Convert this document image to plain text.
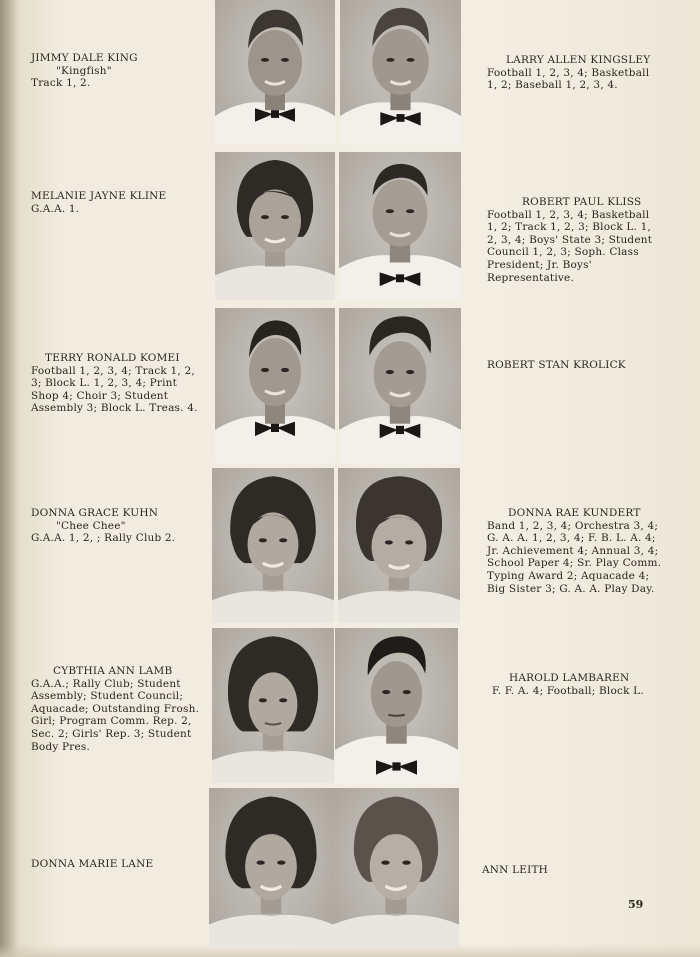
JIMMY DALE KING
"Kingfish"
Track 1, 2.
LARRY ALLEN KINGSLEY
Football 1, 2, 3, 4; Basketball 1, 2; Baseball 1, 2, 3, 4.
MELANIE JAYNE KLINE
G.A.A. 1.
ROBERT PAUL KLISS
Football 1, 2, 3, 4; Basketball 1, 2; Track 1, 2, 3; Block L. 1, 2, 3, 4; Boys' State 3; Student Council 1, 2, 3; Soph. Class President; Jr. Boys' Representative.
TERRY RONALD KOMEI
Football 1, 2, 3, 4; Track 1, 2, 3; Block L. 1, 2, 3, 4; Print Shop 4; Choir 3; Student Assembly 3; Block L. Treas. 4.
ROBERT STAN KROLICK
DONNA GRACE KUHN
"Chee Chee"
G.A.A. 1, 2, ; Rally Club 2.
DONNA RAE KUNDERT
Band 1, 2, 3, 4; Orchestra 3, 4; G. A. A. 1, 2, 3, 4; F. B. L. A. 4; Jr. Achievement 4; Annual 3, 4; School Paper 4; Sr. Play Comm. Typing Award 2; Aquacade 4; Big Sister 3; G. A. A. Play Day.
CYBTHIA ANN LAMB
G.A.A.; Rally Club; Student Assembly; Student Council; Aquacade; Outstanding Frosh. Girl; Program Comm. Rep. 2, Sec. 2; Girls' Rep. 3; Student Body Pres.
HAROLD LAMBAREN
F. F. A. 4; Football; Block L.
DONNA MARIE LANE	ANN LEITH
59
